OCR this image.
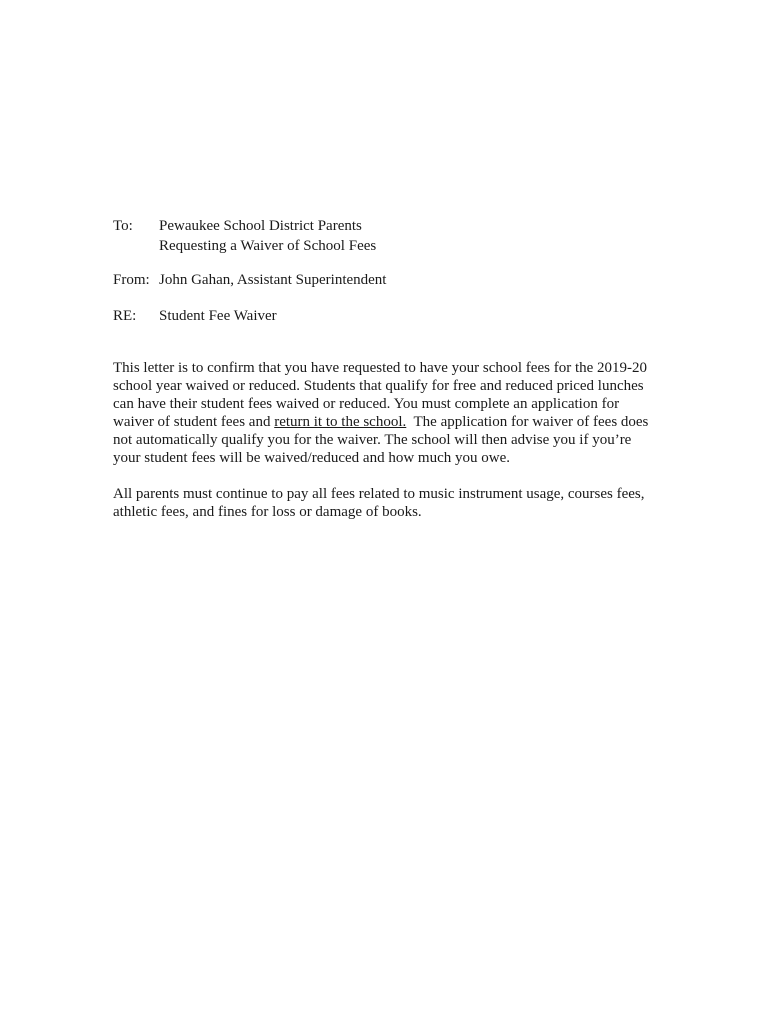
To:	Pewaukee School District Parents
Requesting a Waiver of School Fees
From: John Gahan, Assistant Superintendent
RE:	Student Fee Waiver
This letter is to confirm that you have requested to have your school fees for the 2019-20
school year waived or reduced. Students that qualify for free and reduced priced lunches
can have their student fees waived or reduced. You must complete an application for
waiver of student fees and return it to the school.  The application for waiver of fees does
not automatically qualify you for the waiver. The school will then advise you if you’re
your student fees will be waived/reduced and how much you owe.
All parents must continue to pay all fees related to music instrument usage, courses fees,
athletic fees, and fines for loss or damage of books.
